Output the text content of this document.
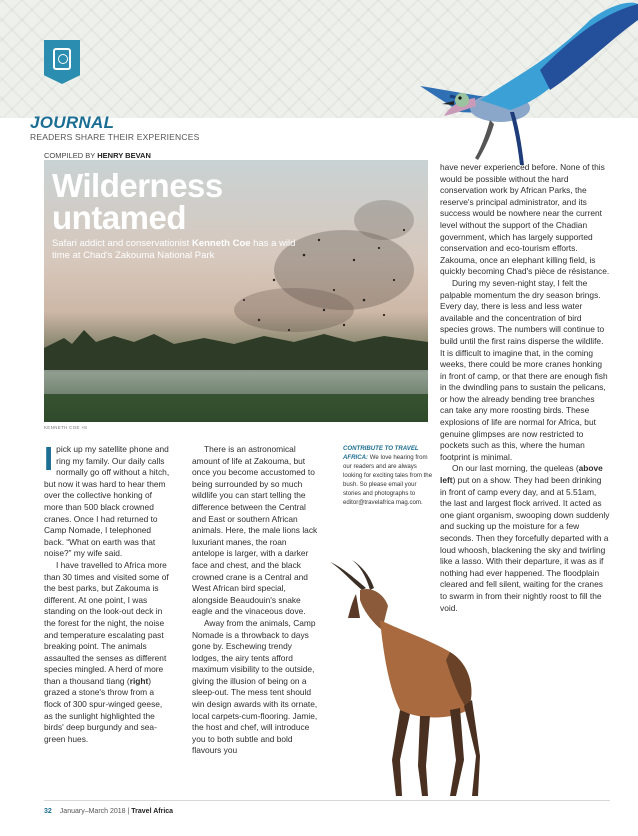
JOURNAL
READERS SHARE THEIR EXPERIENCES
COMPILED BY HENRY BEVAN
Wilderness
untamed
Safari addict and conservationist Kenneth Coe has a wild time at Chad's Zakouma National Park
KENNETH COE ×8

Ipick up my satellite phone and ring my family. Our daily calls normally go off without a hitch, but now it was hard to hear them over the collective honking of more than 500 black crowned cranes. Once I had returned to Camp Nomade, I telephoned back. “What on earth was that noise?” my wife said.

I have travelled to Africa more than 30 times and visited some of the best parks, but Zakouma is different. At one point, I was standing on the look-out deck in the forest for the night, the noise and temperature escalating past breaking point. The animals assaulted the senses as different species mingled. A herd of more than a thousand tiang (right) grazed a stone's throw from a flock of 300 spur-winged geese, as the sunlight highlighted the birds' deep burgundy and sea-green hues.

There is an astronomical amount of life at Zakouma, but once you become accustomed to being surrounded by so much wildlife you can start telling the difference between the Central and East or southern African animals. Here, the male lions lack luxuriant manes, the roan antelope is larger, with a darker face and chest, and the black crowned crane is a Central and West African bird special, alongside Beaudouin's snake eagle and the vinaceous dove.

Away from the animals, Camp Nomade is a throwback to days gone by. Eschewing trendy lodges, the airy tents afford maximum visibility to the outside, giving the illusion of being on a sleep-out. The mess tent should win design awards with its ornate, local carpets-cum-flooring. Jamie, the host and chef, will introduce you to both subtle and bold flavours you

CONTRIBUTE TO TRAVEL AFRICA: We love hearing from our readers and are always looking for exciting tales from the bush. So please email your stories and photographs to editor@travelafrica mag.com.

have never experienced before. None of this would be possible without the hard conservation work by African Parks, the reserve's principal administrator, and its success would be nowhere near the current level without the support of the Chadian government, which has largely supported conservation and eco-tourism efforts. Zakouma, once an elephant killing field, is quickly becoming Chad's pièce de résistance.

During my seven-night stay, I felt the palpable momentum the dry season brings. Every day, there is less and less water available and the concentration of bird species grows. The numbers will continue to build until the first rains disperse the wildlife. It is difficult to imagine that, in the coming weeks, there could be more cranes honking in front of camp, or that there are enough fish in the dwindling pans to sustain the pelicans, or how the already bending tree branches can take any more roosting birds. These explosions of life are normal for Africa, but genuine glimpses are now restricted to pockets such as this, where the human footprint is minimal.

On our last morning, the queleas (above left) put on a show. They had been drinking in front of camp every day, and at 5.51am, the last and largest flock arrived. It acted as one giant organism, swooping down suddenly and sucking up the moisture for a few seconds. Then they forcefully departed with a loud whoosh, blackening the sky and twirling like a lasso. With their departure, it was as if nothing had ever happened. The floodplain cleared and fell silent, waiting for the cranes to swarm in from their nightly roost to fill the void.

32 January–March 2018 | Travel Africa
